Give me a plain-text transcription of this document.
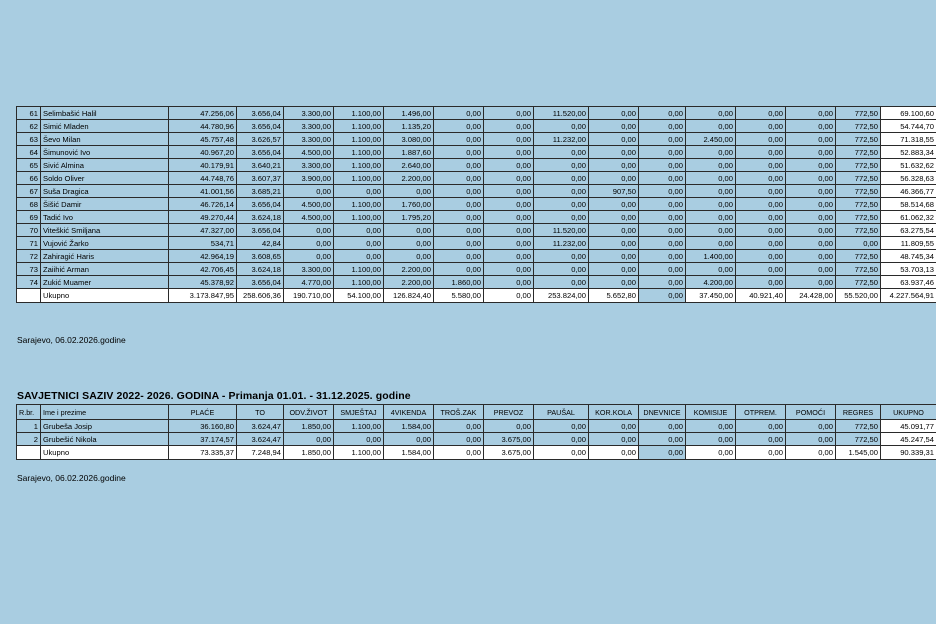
61	Selimbašić Halil	47.256,06	3.656,04	3.300,00	1.100,00	1.496,00	0,00	0,00	11.520,00	0,00	0,00	0,00	0,00	0,00	772,50	69.100,60
62	Simić Mladen	44.780,96	3.656,04	3.300,00	1.100,00	1.135,20	0,00	0,00	0,00	0,00	0,00	0,00	0,00	0,00	772,50	54.744,70
63	Ševo Milan	45.757,48	3.626,57	3.300,00	1.100,00	3.080,00	0,00	0,00	11.232,00	0,00	0,00	2.450,00	0,00	0,00	772,50	71.318,55
64	Šimunović Ivo	40.967,20	3.656,04	4.500,00	1.100,00	1.887,60	0,00	0,00	0,00	0,00	0,00	0,00	0,00	0,00	772,50	52.883,34
65	Sivić Almina	40.179,91	3.640,21	3.300,00	1.100,00	2.640,00	0,00	0,00	0,00	0,00	0,00	0,00	0,00	0,00	772,50	51.632,62
66	Soldo Oliver	44.748,76	3.607,37	3.900,00	1.100,00	2.200,00	0,00	0,00	0,00	0,00	0,00	0,00	0,00	0,00	772,50	56.328,63
67	Suša Dragica	41.001,56	3.685,21	0,00	0,00	0,00	0,00	0,00	0,00	907,50	0,00	0,00	0,00	0,00	772,50	46.366,77
68	Šišić Damir	46.726,14	3.656,04	4.500,00	1.100,00	1.760,00	0,00	0,00	0,00	0,00	0,00	0,00	0,00	0,00	772,50	58.514,68
69	Tadić Ivo	49.270,44	3.624,18	4.500,00	1.100,00	1.795,20	0,00	0,00	0,00	0,00	0,00	0,00	0,00	0,00	772,50	61.062,32
70	Viteškić Smiljana	47.327,00	3.656,04	0,00	0,00	0,00	0,00	0,00	11.520,00	0,00	0,00	0,00	0,00	0,00	772,50	63.275,54
71	Vujović Žarko	534,71	42,84	0,00	0,00	0,00	0,00	0,00	11.232,00	0,00	0,00	0,00	0,00	0,00	0,00	11.809,55
72	Zahiragić Haris	42.964,19	3.608,65	0,00	0,00	0,00	0,00	0,00	0,00	0,00	0,00	1.400,00	0,00	0,00	772,50	48.745,34
73	Zaiihić Arman	42.706,45	3.624,18	3.300,00	1.100,00	2.200,00	0,00	0,00	0,00	0,00	0,00	0,00	0,00	0,00	772,50	53.703,13
74	Zukić Muamer	45.378,92	3.656,04	4.770,00	1.100,00	2.200,00	1.860,00	0,00	0,00	0,00	0,00	4.200,00	0,00	0,00	772,50	63.937,46
	Ukupno	3.173.847,95	258.606,36	190.710,00	54.100,00	126.824,40	5.580,00	0,00	253.824,00	5.652,80	0,00	37.450,00	40.921,40	24.428,00	55.520,00	4.227.564,91
Sarajevo, 06.02.2026.godine
SAVJETNICI SAZIV 2022- 2026. GODINA - Primanja 01.01. - 31.12.2025. godine
R.br.	Ime i prezime	PLAĆE	TO	ODV.ŽIVOT	SMJEŠTAJ	4VIKENDA	TROŠ.ZAK	PREVOZ	PAUŠAL	KOR.KOLA	DNEVNICE	KOMISIJE	OTPREM.	POMOĆI	REGRES	UKUPNO
1	Grubeša Josip	36.160,80	3.624,47	1.850,00	1.100,00	1.584,00	0,00	0,00	0,00	0,00	0,00	0,00	0,00	0,00	772,50	45.091,77
2	Grubešić Nikola	37.174,57	3.624,47	0,00	0,00	0,00	0,00	3.675,00	0,00	0,00	0,00	0,00	0,00	0,00	772,50	45.247,54
	Ukupno	73.335,37	7.248,94	1.850,00	1.100,00	1.584,00	0,00	3.675,00	0,00	0,00	0,00	0,00	0,00	0,00	1.545,00	90.339,31
Sarajevo, 06.02.2026.godine
